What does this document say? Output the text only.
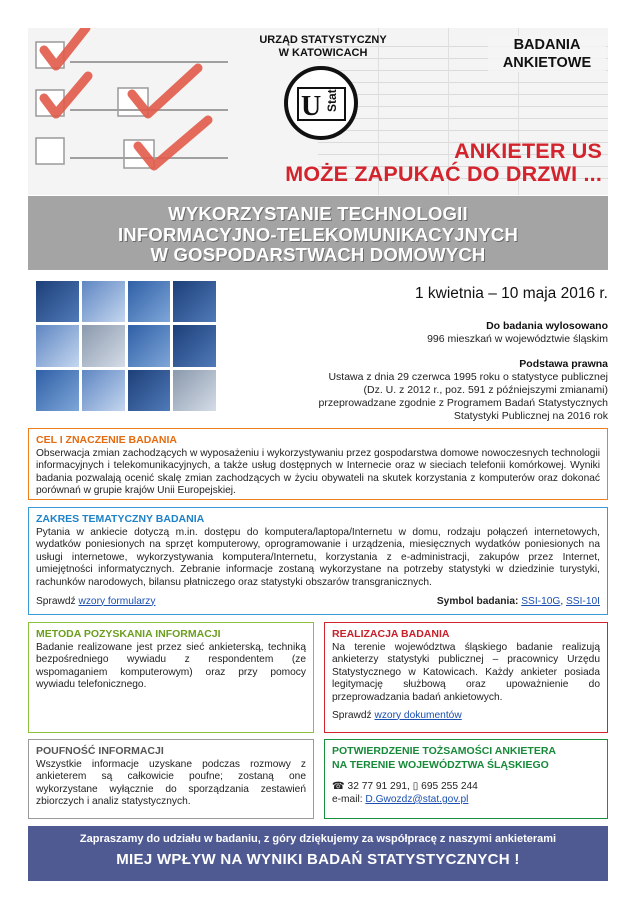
URZĄD STATYSTYCZNY
W KATOWICACH
U Stat
BADANIA
ANKIETOWE
ANKIETER US
MOŻE ZAPUKAĆ DO DRZWI ...
WYKORZYSTANIE TECHNOLOGII
INFORMACYJNO-TELEKOMUNIKACYJNYCH
W GOSPODARSTWACH DOMOWYCH
1 kwietnia – 10 maja 2016 r.
Do badania wylosowano
996 mieszkań w województwie śląskim
Podstawa prawna
Ustawa z dnia 29 czerwca 1995 roku o statystyce publicznej
(Dz. U. z 2012 r., poz. 591 z późniejszymi zmianami)
przeprowadzane zgodnie z Programem Badań Statystycznych
Statystyki Publicznej na 2016 rok
CEL I ZNACZENIE BADANIA
Obserwacja zmian zachodzących w wyposażeniu i wykorzystywaniu przez gospodarstwa domowe nowoczesnych technologii informacyjnych i telekomunikacyjnych, a także usług dostępnych w Internecie oraz w sieciach telefonii komórkowej. Wyniki badania pozwalają ocenić skalę zmian zachodzących w życiu obywateli na skutek korzystania z komputerów oraz dokonać porównań w grupie krajów Unii Europejskiej.
ZAKRES TEMATYCZNY BADANIA
Pytania w ankiecie dotyczą m.in. dostępu do komputera/laptopa/Internetu w domu, rodzaju połączeń internetowych, wydatków poniesionych na sprzęt komputerowy, oprogramowanie i urządzenia, miesięcznych wydatków poniesionych na usługi internetowe, wykorzystywania komputera/Internetu, korzystania z e-administracji, zakupów przez Internet, umiejętności informatycznych. Zebranie informacje zostaną wykorzystane na potrzeby statystyki w dziedzinie turystyki, rachunków narodowych, bilansu płatniczego oraz statystyki obszarów transgranicznych.
Sprawdź wzory formularzy	Symbol badania: SSI-10G, SSI-10I
METODA POZYSKANIA INFORMACJI
Badanie realizowane jest przez sieć ankieterską, techniką bezpośredniego wywiadu z respondentem (ze wspomaganiem komputerowym) oraz przy pomocy wywiadu telefonicznego.
REALIZACJA BADANIA
Na terenie województwa śląskiego badanie realizują ankieterzy statystyki publicznej – pracownicy Urzędu Statystycznego w Katowicach. Każdy ankieter posiada legitymację służbową oraz upoważnienie do przeprowadzania badań ankietowych.
Sprawdź wzory dokumentów
POUFNOŚĆ INFORMACJI
Wszystkie informacje uzyskane podczas rozmowy z ankieterem są całkowicie poufne; zostaną one wykorzystane wyłącznie do sporządzania zestawień zbiorczych i analiz statystycznych.
POTWIERDZENIE TOŻSAMOŚCI ANKIETERA
NA TERENIE WOJEWÓDZTWA ŚLĄSKIEGO
☎ 32 77 91 291, ▯ 695 255 244
e-mail: D.Gwozdz@stat.gov.pl
Zapraszamy do udziału w badaniu, z góry dziękujemy za współpracę z naszymi ankieterami
MIEJ WPŁYW NA WYNIKI BADAŃ STATYSTYCZNYCH !
